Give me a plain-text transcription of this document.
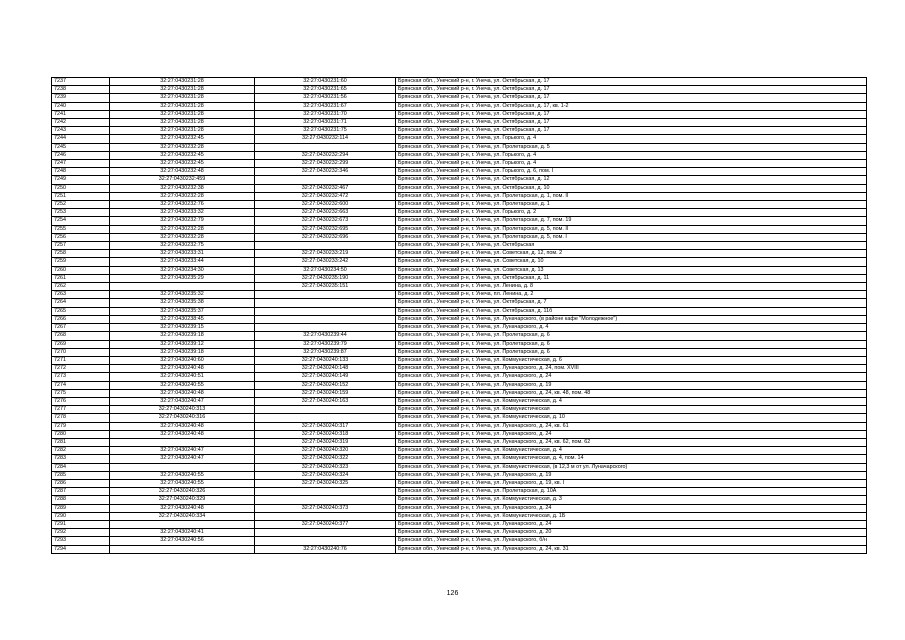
7237	32:27:0430231:28	32:27:0430231:60	Брянская обл., Унечский р-н, г. Унеча, ул. Октябрьская, д. 17
7238	32:27:0430231:28	32:27:0430231:65	Брянская обл., Унечский р-н, г. Унеча, ул. Октябрьская, д. 17
7239	32:27:0430231:28	32:27:0430231:56	Брянская обл., Унечский р-н, г. Унеча, ул. Октябрьская, д. 17
7240	32:27:0430231:28	32:27:0430231:67	Брянская обл., Унечский р-н, г. Унеча, ул. Октябрьская, д. 17, кв. 1-2
7241	32:27:0430231:28	32:27:0430231:70	Брянская обл., Унечский р-н, г. Унеча, ул. Октябрьская, д. 17
7242	32:27:0430231:28	32:27:0430231:71	Брянская обл., Унечский р-н, г. Унеча, ул. Октябрьская, д. 17
7243	32:27:0430231:28	32:27:0430231:75	Брянская обл., Унечский р-н, г. Унеча, ул. Октябрьская, д. 17
7244	32:27:0430232:45	32:27:0430232:114	Брянская обл., Унечский р-н, г. Унеча, ул. Горького, д. 4
7245	32:27:0430232:28		Брянская обл., Унечский р-н, г. Унеча, ул. Пролетарская, д. 5
7246	32:27:0430232:45	32:27:0430232:294	Брянская обл., Унечский р-н, г. Унеча, ул. Горького, д. 4
7247	32:27:0430232:45	32:27:0430232:299	Брянская обл., Унечский р-н, г. Унеча, ул. Горького, д. 4
7248	32:27:0430232:48	32:27:0430232:346	Брянская обл., Унечский р-н, г. Унеча, ул. Горького, д. 6, пом. I
7249	32:27:0430232:459		Брянская обл., Унечский р-н, г. Унеча, ул. Октябрьская, д. 12
7250	32:27:0430232:38	32:27:0430232:467	Брянская обл., Унечский р-н, г. Унеча, ул. Октябрьская, д. 10
7251	32:27:0430232:28	32:27:0430232:472	Брянская обл., Унечский р-н, г. Унеча, ул. Пролетарская, д. 1, пом. II
7252	32:27:0430232:76	32:27:0430232:600	Брянская обл., Унечский р-н, г. Унеча, ул. Пролетарская, д. 1
7253	32:27:0430233:32	32:27:0430232:663	Брянская обл., Унечский р-н, г. Унеча, ул. Горького, д. 2
7254	32:27:0430232:79	32:27:0430232:673	Брянская обл., Унечский р-н, г. Унеча, ул. Пролетарская, д. 7, пом. 19
7255	32:27:0430232:28	32:27:0430232:695	Брянская обл., Унечский р-н, г. Унеча, ул. Пролетарская, д. 5, пом. II
7256	32:27:0430232:28	32:27:0430232:696	Брянская обл., Унечский р-н, г. Унеча, ул. Пролетарская, д. 5, пом. I
7257	32:27:0430232:75		Брянская обл., Унечский р-н, г. Унеча, ул. Октябрьская
7258	32:27:0430233:31	32:27:0430233:219	Брянская обл., Унечский р-н, г. Унеча, ул. Советская, д. 12, пом. 2
7259	32:27:0430233:44	32:27:0430233:242	Брянская обл., Унечский р-н, г. Унеча, ул. Советская, д. 10
7260	32:27:0430234:30	32:27:0430234:50	Брянская обл., Унечский р-н, г. Унеча, ул. Советская, д. 13
7261	32:27:0430235:29	32:27:0430235:190	Брянская обл., Унечский р-н, г. Унеча, ул. Октябрьская, д. 11
7262		32:27:0430235:151	Брянская обл., Унечский р-н, г. Унеча, ул. Ленина, д. 8
7263	32:27:0430235:32		Брянская обл., Унечский р-н, г. Унеча, пл. Ленина, д. 2
7264	32:27:0430235:38		Брянская обл., Унечский р-н, г. Унеча, ул. Октябрьская, д. 7
7265	32:27:0430235:37		Брянская обл., Унечский р-н, г. Унеча, ул. Октябрьская, д. 11б
7266	32:27:0430238:45		Брянская обл., Унечский р-н, г. Унеча, ул. Луначарского, (в районе кафе "Молодежное")
7267	32:27:0430239:15		Брянская обл., Унечский р-н, г. Унеча, ул. Луначарского, д. 4
7268	32:27:0430239:18	32:27:0430239:44	Брянская обл., Унечский р-н, г. Унеча, ул. Пролетарская, д. 6
7269	32:27:0430239:12	32:27:0430239:79	Брянская обл., Унечский р-н, г. Унеча, ул. Пролетарская, д. 6
7270	32:27:0430239:18	32:27:0430239:87	Брянская обл., Унечский р-н, г. Унеча, ул. Пролетарская, д. 6
7271	32:27:0430240:60	32:27:0430240:133	Брянская обл., Унечский р-н, г. Унеча, ул. Коммунистическая, д. 6
7272	32:27:0430240:48	32:27:0430240:148	Брянская обл., Унечский р-н, г. Унеча, ул. Луначарского, д. 24, пом. XVIII
7273	32:27:0430240:51	32:27:0430240:149	Брянская обл., Унечский р-н, г. Унеча, ул. Луначарского, д. 24
7274	32:27:0430240:55	32:27:0430240:152	Брянская обл., Унечский р-н, г. Унеча, ул. Луначарского, д. 19
7275	32:27:0430240:48	32:27:0430240:159	Брянская обл., Унечский р-н, г. Унеча, ул. Луначарского, д. 24, кв. 48, пом. 48
7276	32:27:0430240:47	32:27:0430240:163	Брянская обл., Унечский р-н, г. Унеча, ул. Коммунистическая, д. 4
7277	32:27:0430240:313		Брянская обл., Унечский р-н, г. Унеча, ул. Коммунистическая
7278	32:27:0430240:316		Брянская обл., Унечский р-н, г. Унеча, ул. Коммунистическая, д. 10
7279	32:27:0430240:48	32:27:0430240:317	Брянская обл., Унечский р-н, г. Унеча, ул. Луначарского, д. 24, кв. 61
7280	32:27:0430240:48	32:27:0430240:318	Брянская обл., Унечский р-н, г. Унеча, ул. Луначарского, д. 24
7281		32:27:0430240:319	Брянская обл., Унечский р-н, г. Унеча, ул. Луначарского, д. 24, кв. 62, пом. 62
7282	32:27:0430240:47	32:27:0430240:320	Брянская обл., Унечский р-н, г. Унеча, ул. Коммунистическая, д. 4
7283	32:27:0430240:47	32:27:0430240:322	Брянская обл., Унечский р-н, г. Унеча, ул. Коммунистическая, д. 4, пом. 14
7284		32:27:0430240:323	Брянская обл., Унечский р-н, г. Унеча, ул. Коммунистическая, (в 12,3 м от ул. Луначарского)
7285	32:27:0430240:55	32:27:0430240:324	Брянская обл., Унечский р-н, г. Унеча, ул. Луначарского, д. 19
7286	32:27:0430240:55	32:27:0430240:325	Брянская обл., Унечский р-н, г. Унеча, ул. Луначарского, д. 19, кв. I
7287	32:27:0430240:326		Брянская обл., Унечский р-н, г. Унеча, ул. Пролетарская, д. 10А
7288	32:27:0430240:329		Брянская обл., Унечский р-н, г. Унеча, ул. Коммунистическая, д. 3
7289	32:27:0430240:48	32:27:0430240:373	Брянская обл., Унечский р-н, г. Унеча, ул. Луначарского, д. 24
7290	32:27:0430240:334		Брянская обл., Унечский р-н, г. Унеча, ул. Коммунистическая, д. 1Б
7291		32:27:0430240:377	Брянская обл., Унечский р-н, г. Унеча, ул. Луначарского, д. 24
7292	32:27:0430240:41		Брянская обл., Унечский р-н, г. Унеча, ул. Луначарского, д. 20
7293	32:27:0430240:56		Брянская обл., Унечский р-н, г. Унеча, ул. Луначарского, б/н
7294		32:27:0430240:76	Брянская обл., Унечский р-н, г. Унеча, ул. Луначарского, д. 24, кв. 31
126
